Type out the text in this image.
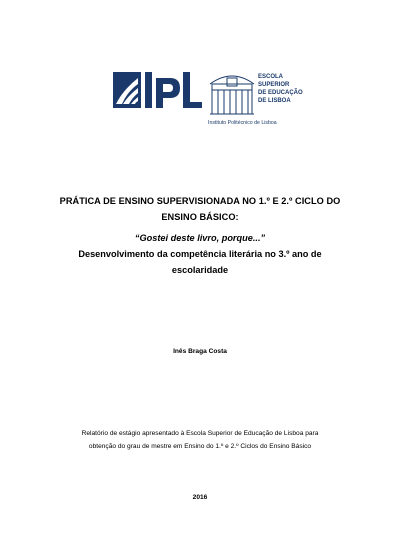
ESCOLA
SUPERIOR
DE EDUCAÇÃO
DE LISBOA
Instituto Politécnico de Lisboa
PRÁTICA DE ENSINO SUPERVISIONADA NO 1.º E 2.º CICLO DO
ENSINO BÁSICO:
“Gostei deste livro, porque...”
Desenvolvimento da competência literária no 3.º ano de
escolaridade
Inês Braga Costa
Relatório de estágio apresentado à Escola Superior de Educação de Lisboa para
obtenção do grau de mestre em Ensino do 1.º e 2.º Ciclos do Ensino Básico
2016
